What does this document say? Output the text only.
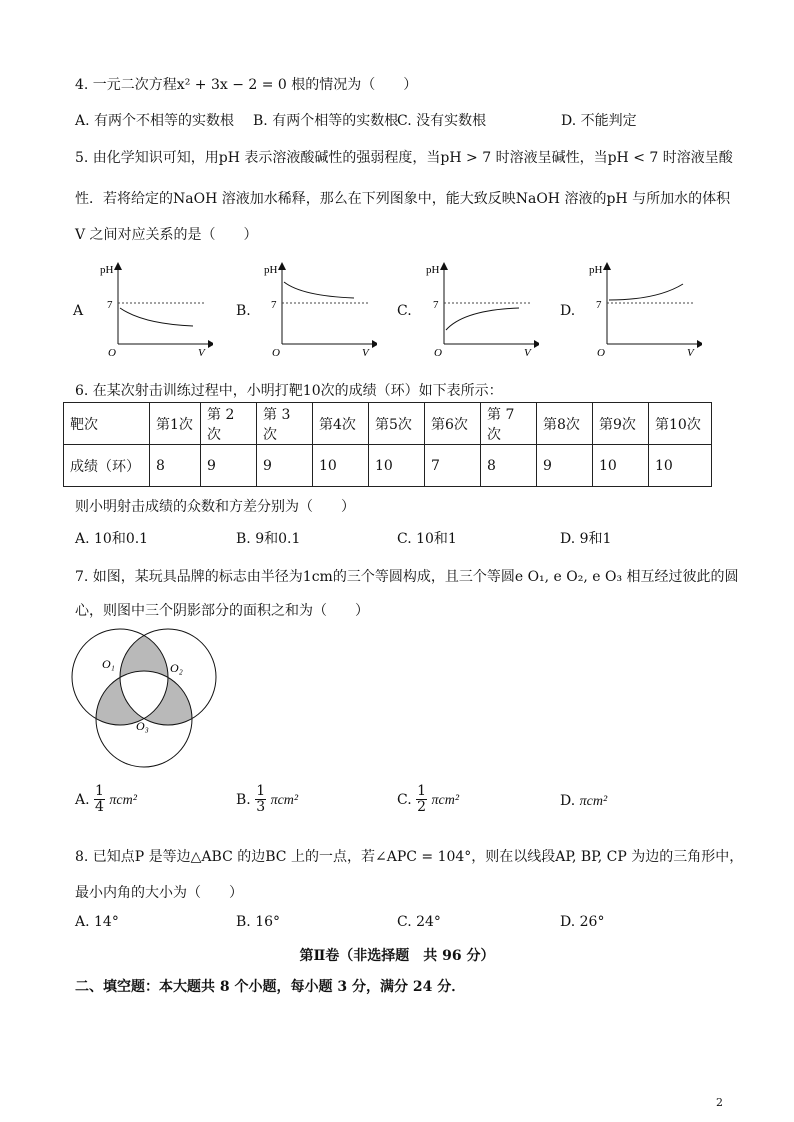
4. 一元二次方程x² + 3x − 2 = 0 根的情况为（　　）
A. 有两个不相等的实数根 B. 有两个相等的实数根
C. 没有实数根	D. 不能判定
5. 由化学知识可知，用pH 表示溶液酸碱性的强弱程度，当pH > 7 时溶液呈碱性，当pH < 7 时溶液呈酸
性．若将给定的NaOH 溶液加水稀释，那么在下列图象中，能大致反映NaOH 溶液的pH 与所加水的体积
V 之间对应关系的是（　　）
A
pH
7
O	V
B.
pH
7
O	V
C.
pH
7
O	V
D.
pH
7
O	V
6. 在某次射击训练过程中，小明打靶10次的成绩（环）如下表所示：
靶次	第1次	第 2 次	第 3 次	第4次	第5次	第6次	第 7 次	第8次	第9次	第10次
成绩（环）	8	9	9	10	10	7	8	9	10	10
则小明射击成绩的众数和方差分别为（　　）
A. 10和0.1	B. 9和0.1	C. 10和1	D. 9和1
7. 如图，某玩具品牌的标志由半径为1cm的三个等圆构成，且三个等圆e O₁, e O₂, e O₃ 相互经过彼此的圆
心，则图中三个阴影部分的面积之和为（　　）
O₁	O₂
O₃
A. $\frac{1}{4} \pi cm^2$	B. $\frac{1}{3} \pi cm^2$	C. $\frac{1}{2} \pi cm^2$	D. πcm²
8. 已知点P 是等边△ABC 的边BC 上的一点，若∠APC = 104°，则在以线段AP, BP, CP 为边的三角形中，
最小内角的大小为（　　）
A. 14°	B. 16°	C. 24°	D. 26°
第Ⅱ卷（非选择题　共 96 分）
二、填空题：本大题共 8 个小题，每小题 3 分，满分 24 分．
2
